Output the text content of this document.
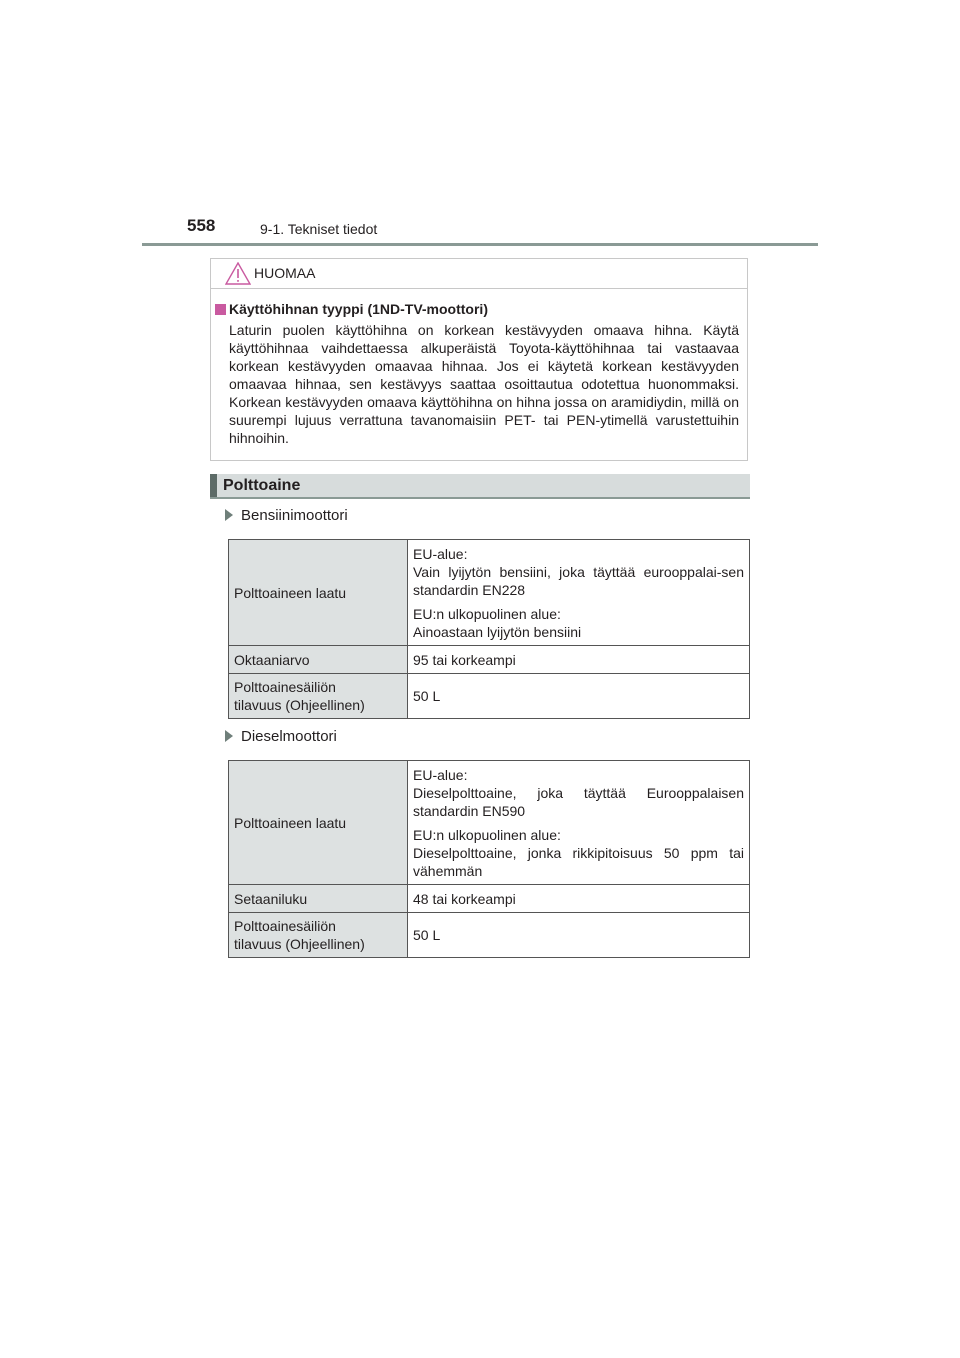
558	9-1. Tekniset tiedot
HUOMAA
Käyttöhihnan tyyppi (1ND-TV-moottori)
Laturin puolen käyttöhihna on korkean kestävyyden omaava hihna. Käytä käyttöhihnaa vaihdettaessa alkuperäistä Toyota-käyttöhihnaa tai vastaavaa korkean kestävyyden omaavaa hihnaa. Jos ei käytetä korkean kestävyyden omaavaa hihnaa, sen kestävyys saattaa osoittautua odotettua huonommaksi. Korkean kestävyyden omaava käyttöhihna on hihna jossa on aramidiydin, millä on suurempi lujuus verrattuna tavanomaisiin PET- tai PEN-ytimellä varustettuihin hihnoihin.
Polttoaine
Bensiinimoottori
Polttoaineen laatu	EU-alue:
Vain lyijytön bensiini, joka täyttää eurooppalai-sen standardin EN228

EU:n ulkopuolinen alue:
Ainoastaan lyijytön bensiini

Oktaaniarvo	95 tai korkeampi
Polttoainesäiliön
tilavuus (Ohjeellinen)	50 L
Dieselmoottori
Polttoaineen laatu	EU-alue:
Dieselpolttoaine, joka täyttää Eurooppalaisen standardin EN590

EU:n ulkopuolinen alue:
Dieselpolttoaine, jonka rikkipitoisuus 50 ppm tai vähemmän

Setaaniluku	48 tai korkeampi
Polttoainesäiliön
tilavuus (Ohjeellinen)	50 L
